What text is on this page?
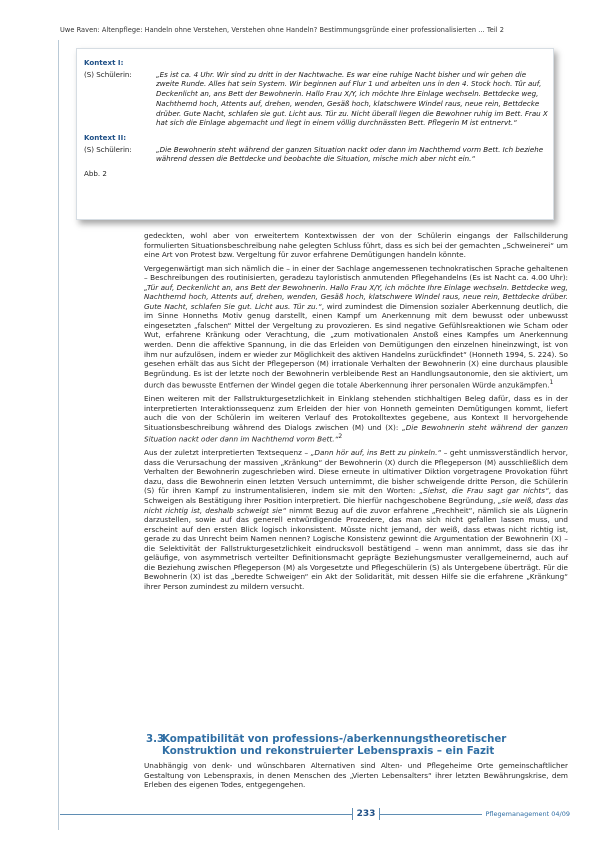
Uwe Raven: Altenpflege: Handeln ohne Verstehen, Verstehen ohne Handeln? Bestimmungsgründe einer professionalisierten ... Teil 2

Kontext I:

(S) Schülerin:	„Es ist ca. 4 Uhr. Wir sind zu dritt in der Nachtwache. Es war eine ruhige Nacht bisher und wir gehen die zweite Runde. Alles hat sein System. Wir beginnen auf Flur 1 und arbeiten uns in den 4. Stock hoch. Tür auf, Deckenlicht an, ans Bett der Bewohnerin. Hallo Frau X/Y, ich möchte Ihre Einlage wechseln. Bettdecke weg, Nachthemd hoch, Attents auf, drehen, wenden, Gesäß hoch, klatschwere Windel raus, neue rein, Bettdecke drüber. Gute Nacht, schlafen sie gut. Licht aus. Tür zu. Nicht überall liegen die Bewohner ruhig im Bett. Frau X hat sich die Einlage abgemacht und liegt in einem völlig durchnässten Bett. Pflegerin M ist entnervt.“

Kontext II:

(S) Schülerin:	„Die Bewohnerin steht während der ganzen Situation nackt oder dann im Nachthemd vorm Bett. Ich beziehe während dessen die Bettdecke und beobachte die Situation, mische mich aber nicht ein.“
Abb. 2

gedeckten, wohl aber von erweitertem Kontextwissen der von der Schülerin eingangs der Fallschilderung formulierten Situationsbeschreibung nahe gelegten Schluss führt, dass es sich bei der gemachten „Schweinerei“ um eine Art von Protest bzw. Vergeltung für zuvor erfahrene Demütigungen handeln könnte.

Vergegenwärtigt man sich nämlich die – in einer der Sachlage angemessenen technokratischen Sprache gehaltenen – Beschreibungen des routinisierten, geradezu tayloristisch anmutenden Pflegehandelns (Es ist Nacht ca. 4.00 Uhr): „Tür auf, Deckenlicht an, ans Bett der Bewohnerin. Hallo Frau X/Y, ich möchte Ihre Einlage wechseln. Bettdecke weg, Nachthemd hoch, Attents auf, drehen, wenden, Gesäß hoch, klatschwere Windel raus, neue rein, Bettdecke drüber. Gute Nacht, schlafen Sie gut. Licht aus. Tür zu.“, wird zumindest die Dimension sozialer Aberkennung deutlich, die im Sinne Honneths Motiv genug darstellt, einen Kampf um Anerkennung mit dem bewusst oder unbewusst eingesetzten „falschen“ Mittel der Vergeltung zu provozieren. Es sind negative Gefühlsreaktionen wie Scham oder Wut, erfahrene Kränkung oder Verachtung, die „zum motivationalen Anstoß eines Kampfes um Anerkennung werden. Denn die affektive Spannung, in die das Erleiden von Demütigungen den einzelnen hineinzwingt, ist von ihm nur aufzulösen, indem er wieder zur Möglichkeit des aktiven Handelns zurückfindet“ (Honneth 1994, S. 224). So gesehen erhält das aus Sicht der Pflegeperson (M) irrationale Verhalten der Bewohnerin (X) eine durchaus plausible Begründung. Es ist der letzte noch der Bewohnerin verbleibende Rest an Handlungsautonomie, den sie aktiviert, um durch das bewusste Entfernen der Windel gegen die totale Aberkennung ihrer personalen Würde anzukämpfen.$^1$

Einen weiteren mit der Fallstrukturgesetzlichkeit in Einklang stehenden stichhaltigen Beleg dafür, dass es in der interpretierten Interaktionssequenz zum Erleiden der hier von Honneth gemeinten Demütigungen kommt, liefert auch die von der Schülerin im weiteren Verlauf des Protokolltextes gegebene, aus Kontext II hervorgehende Situationsbeschreibung während des Dialogs zwischen (M) und (X): „Die Bewohnerin steht während der ganzen Situation nackt oder dann im Nachthemd vorm Bett.“$^2$

Aus der zuletzt interpretierten Textsequenz – „Dann hör auf, ins Bett zu pinkeln.“ – geht unmissverständlich hervor, dass die Verursachung der massiven „Kränkung“ der Bewohnerin (X) durch die Pflegeperson (M) ausschließlich dem Verhalten der Bewohnerin zugeschrieben wird. Diese erneute in ultimativer Diktion vorgetragene Provokation führt dazu, dass die Bewohnerin einen letzten Versuch unternimmt, die bisher schweigende dritte Person, die Schülerin (S) für ihren Kampf zu instrumentalisieren, indem sie mit den Worten: „Siehst, die Frau sagt gar nichts“, das Schweigen als Bestätigung ihrer Position interpretiert. Die hierfür nachgeschobene Begründung, „sie weiß, dass das nicht richtig ist, deshalb schweigt sie“ nimmt Bezug auf die zuvor erfahrene „Frechheit“, nämlich sie als Lügnerin darzustellen, sowie auf das generell entwürdigende Prozedere, das man sich nicht gefallen lassen muss, und erscheint auf den ersten Blick logisch inkonsistent. Müsste nicht jemand, der weiß, dass etwas nicht richtig ist, gerade zu das Unrecht beim Namen nennen? Logische Konsistenz gewinnt die Argumentation der Bewohnerin (X) – die Selektivität der Fallstrukturgesetzlichkeit eindrucksvoll bestätigend – wenn man annimmt, dass sie das ihr geläufige, von asymmetrisch verteilter Definitionsmacht geprägte Beziehungsmuster verallgemeinernd, auch auf die Beziehung zwischen Pflegeperson (M) als Vorgesetzte und Pflegeschülerin (S) als Untergebene überträgt. Für die Bewohnerin (X) ist das „beredte Schweigen“ ein Akt der Solidarität, mit dessen Hilfe sie die erfahrene „Kränkung“ ihrer Person zumindest zu mildern versucht.

3.3
Kompatibilität von professions-/aberkennungstheoretischer Konstruktion und rekonstruierter Lebenspraxis – ein Fazit
Unabhängig von denk- und wünschbaren Alternativen sind Alten- und Pflegeheime Orte gemeinschaftlicher Gestaltung von Lebenspraxis, in denen Menschen des „Vierten Lebensalters“ ihrer letzten Bewährungskrise, dem Erleben des eigenen Todes, entgegengehen.
233	Pflegemanagement 04/09
